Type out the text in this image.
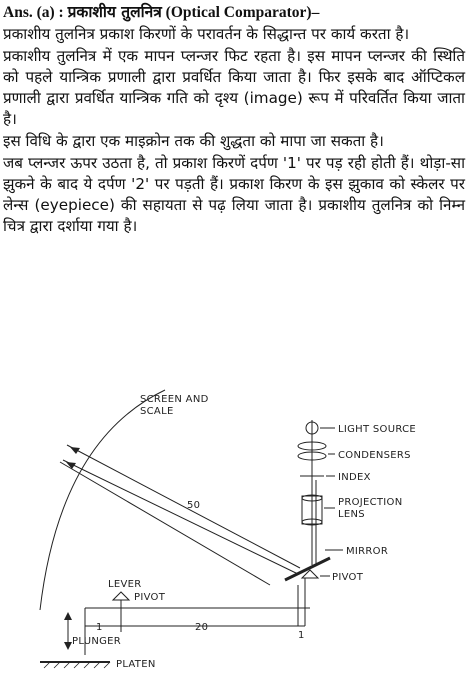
Ans. (a) : प्रकाशीय तुलनित्र (Optical Comparator)–

प्रकाशीय तुलनित्र प्रकाश किरणों के परावर्तन के सिद्धान्त पर कार्य करता है।

प्रकाशीय तुलनित्र में एक मापन प्लन्जर फिट रहता है। इस मापन प्लन्जर की स्थिति को पहले यान्त्रिक प्रणाली द्वारा प्रवर्धित किया जाता है। फिर इसके बाद ऑप्टिकल प्रणाली द्वारा प्रवर्धित यान्त्रिक गति को दृश्य (image) रूप में परिवर्तित किया जाता है।

इस विधि के द्वारा एक माइक्रोन तक की शुद्धता को मापा जा सकता है।

जब प्लन्जर ऊपर उठता है, तो प्रकाश किरणें दर्पण '1' पर पड़ रही होती हैं। थोड़ा-सा झुकने के बाद ये दर्पण '2' पर पड़ती हैं। प्रकाश किरण के इस झुकाव को स्केलर पर लेन्स (eyepiece) की सहायता से पढ़ लिया जाता है। प्रकाशीय तुलनित्र को निम्न चित्र द्वारा दर्शाया गया है।

SCREEN AND
SCALE
50
LIGHT SOURCE
CONDENSERS
INDEX
PROJECTION
LENS
MIRROR
PIVOT
LEVER
PIVOT
20
1
1
PLUNGER
PLATEN
